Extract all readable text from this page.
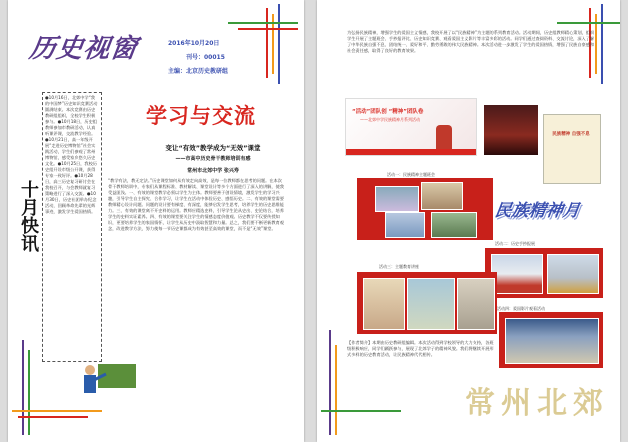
历史视窗	2016年10月20日
刊号：00015
主编：北京历史教研组
●10月16日，北郊中学“我的中国梦”历史知识竞赛活动圆满结束。本次竞赛由历史教研组组织，全校学生积极参与。●10月18日，历史组教师参加市教研活动，认真听课评课，交流教学经验。●10月21日，高一年级开展“走进历史博物馆”社会实践活动，学生们参观了常州博物馆，感受家乡悠久历史文化。●10月25日，我校历史组开设市级公开课，获得专家一致好评。●10月28日，高三历史复习研讨会在我校召开，与会教师就复习策略进行了深入交流。●10月30日，历史社团举办纪念活动，回顾革命先辈的光辉事迹，激发学生爱国热情。
十月快讯
学习与交流
变让“有效”教学成为“无效”课堂
——市高中历史骨干教师培训有感
常州市北郊中学 张兴寿
“教学有法，教无定法。”历史课堂如何从有效走向高效，是每一位教师都在思考的问题。在本次骨干教师培训中，专家们从课程标准、教材解读、课堂设计等多个方面进行了深入的讲解，使我受益匪浅。一、有效的课堂教学必须以学生为主体。教师要善于创设情境，激发学生的学习兴趣，引导学生自主探究、合作学习，让学生在活动中体验历史、感悟历史。二、有效的课堂需要教师精心设计问题。问题的设计要有梯度、有深度，能够启发学生思考，培养学生的历史思维能力。三、有效的课堂离不开史料的运用。教师应精选史料，引导学生论从史出、史论结合，培养学生的史料实证素养。四、有效的课堂要关注学生的情感态度价值观。历史教学不仅要传授知识，更要培养学生的家国情怀，让学生从历史中汲取智慧和力量。总之，我们要不断更新教育观念，改进教学方法，努力使每一节历史课都成为有效甚至高效的课堂，而不是“无效”课堂。
为弘扬民族精神，增强学生的爱国主义情感，我校开展了以“民族精神”为主题的系列教育活动。活动期间，历史组教师精心策划，组织学生开展了主题班会、手抄报评比、历史知识竞赛、观看爱国主义影片等丰富多彩的活动。同学们通过查阅资料、交流讨论，深入了解了中华民族自强不息、团结统一、爱好和平、勤劳勇敢的伟大民族精神。本次活动进一步激发了学生的爱国热情，增强了民族自豪感和社会责任感，取得了良好的教育效果。
“活动”团队创 “精神”团队卷
——北郊中学民族精神月系列活动
民族精神 自强不息
活动一：民族精神主题班会
民族精神月
活动二：历史手抄报展
活动三：主题教育讲座
活动四：爱国影片观看活动
【作者简介】本期由历史教研组编辑。本次活动得到学校领导的大力支持，各班级积极响应，同学们踊跃参与，展现了北郊学子的精神风貌。我们将继续开展形式多样的历史教育活动，让民族精神代代相传。
常州北郊
